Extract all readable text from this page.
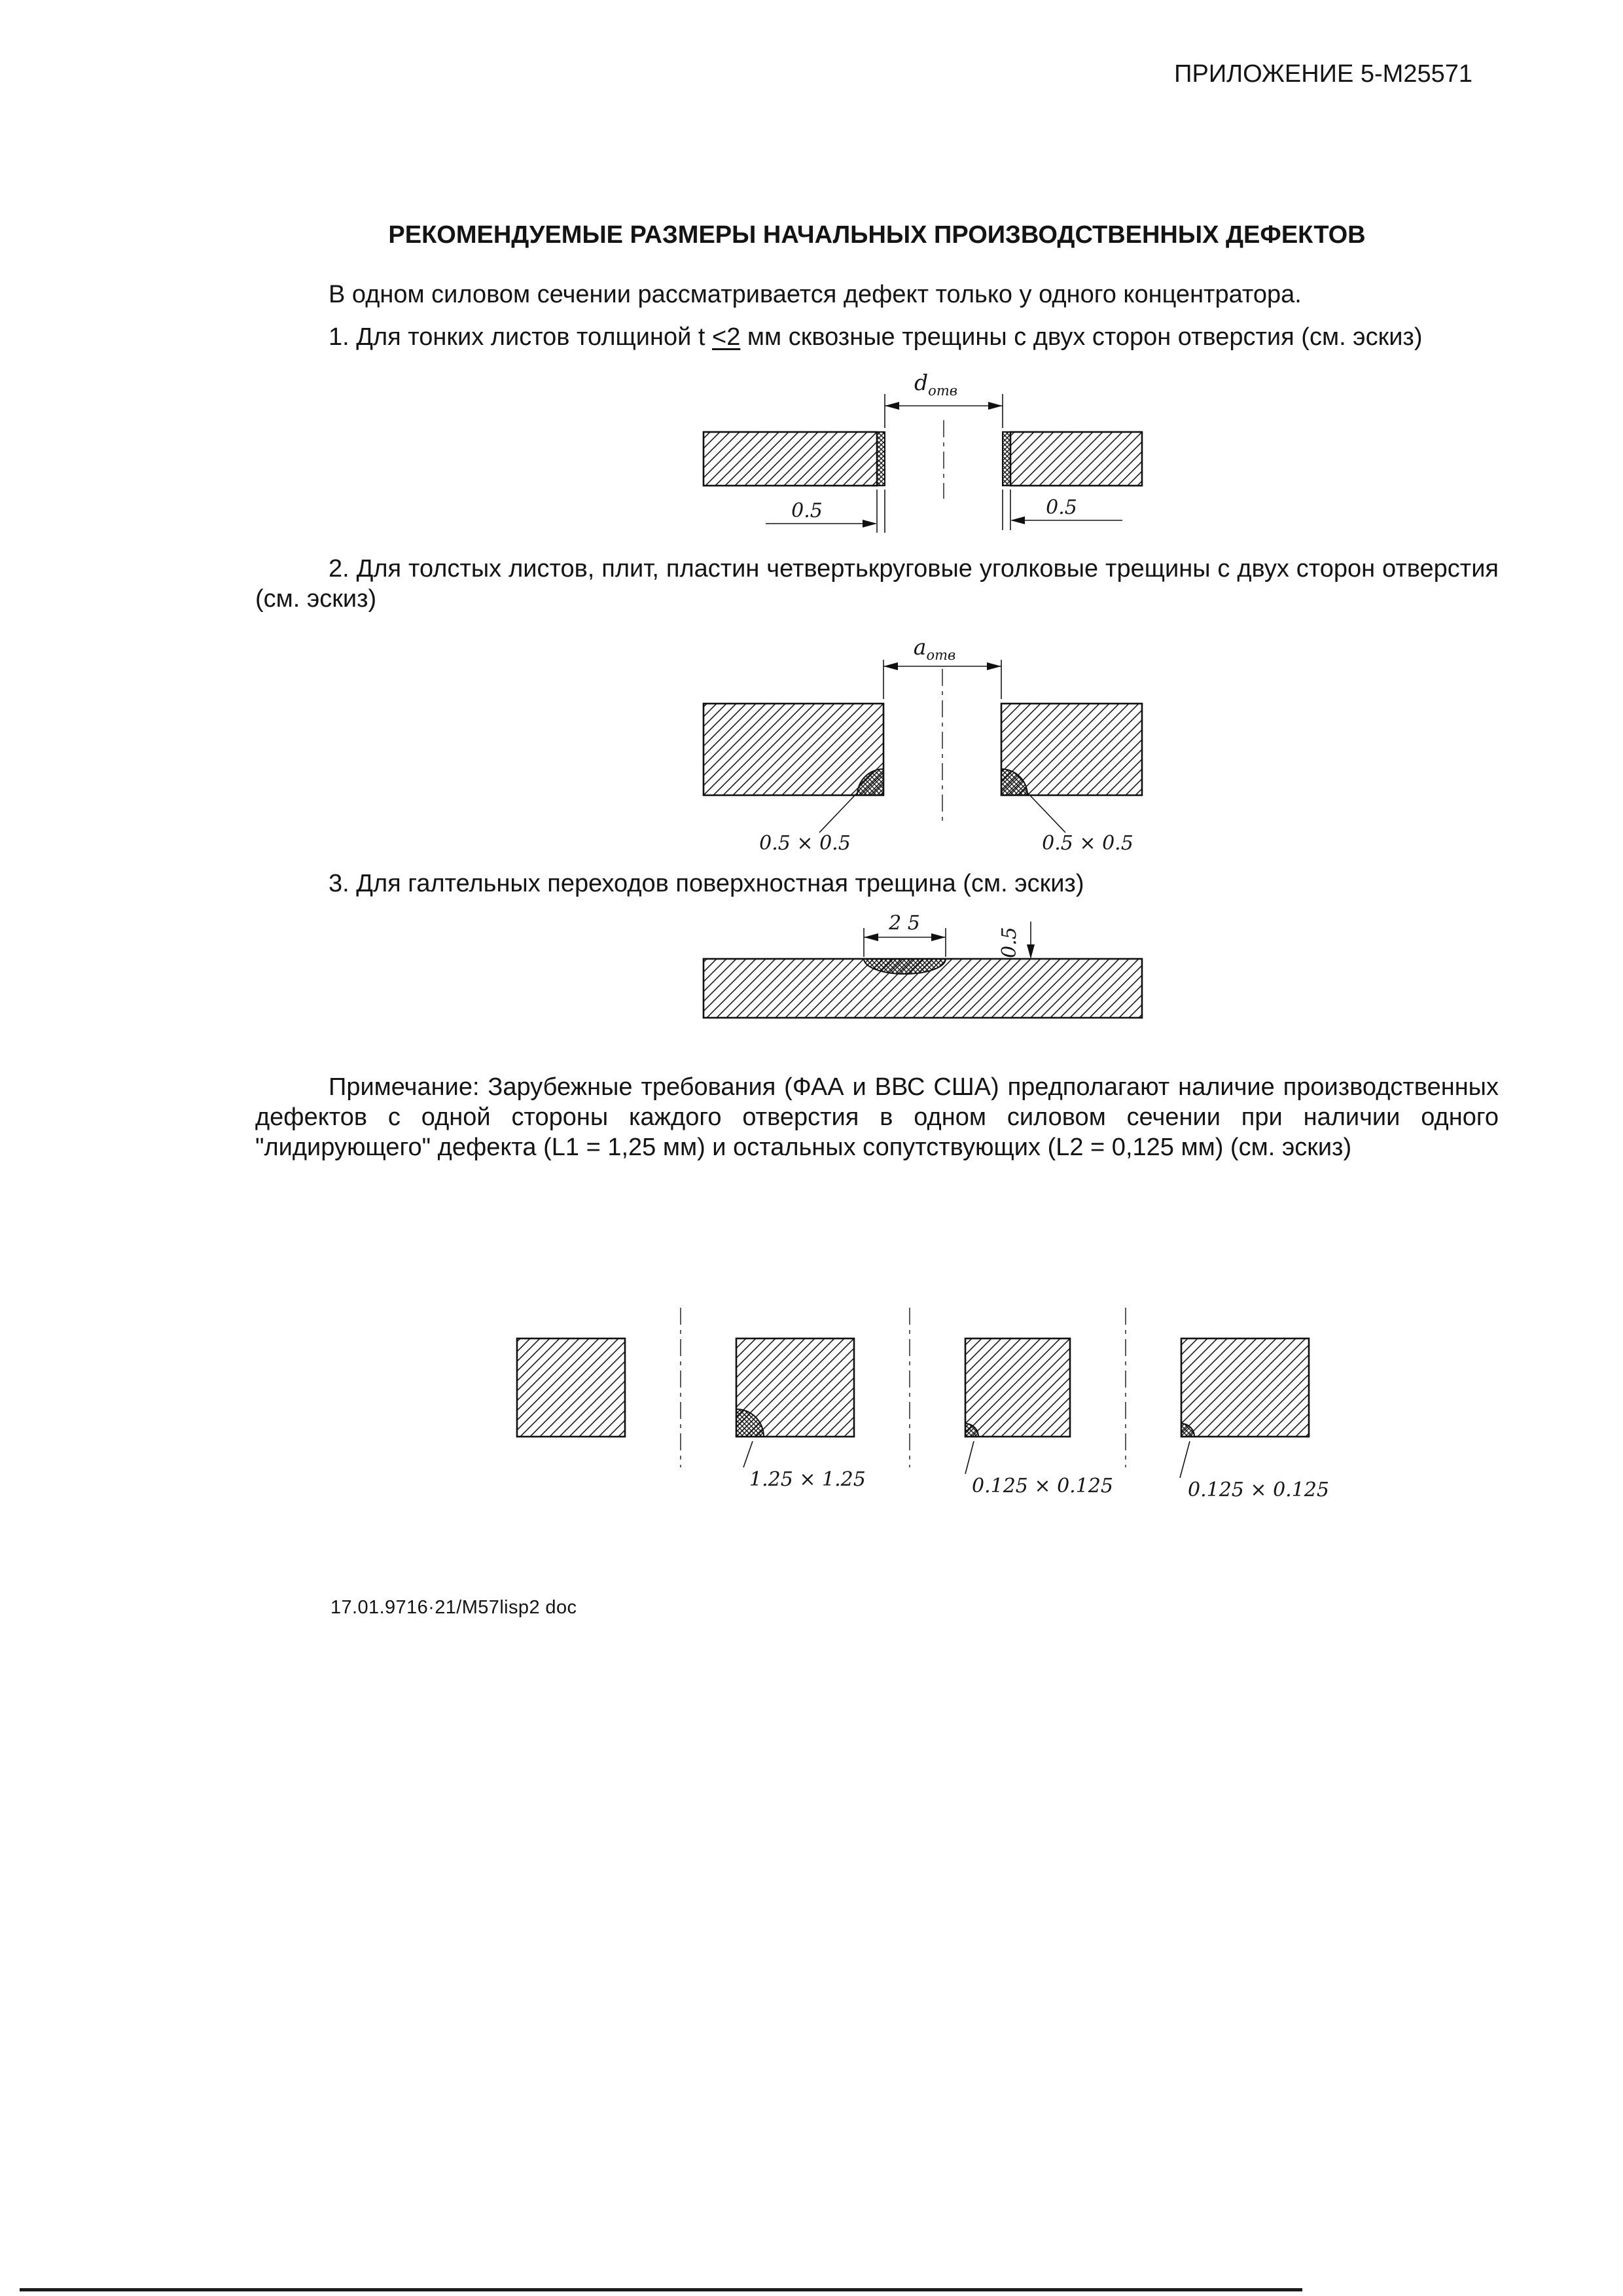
ПРИЛОЖЕНИЕ 5-М25571
РЕКОМЕНДУЕМЫЕ РАЗМЕРЫ НАЧАЛЬНЫХ ПРОИЗВОДСТВЕННЫХ ДЕФЕКТОВ
В одном силовом сечении рассматривается дефект только у одного концентратора.
1. Для тонких листов толщиной t <2 мм сквозные трещины с двух сторон отверстия (см. эскиз)
$d_{отв}$
0.5	0.5
2. Для толстых листов, плит, пластин четвертькруговые уголковые трещины с двух сторон отверстия (см. эскиз)
$a_{отв}$
0.5 × 0.5	0.5 × 0.5
3. Для галтельных переходов поверхностная трещина (см. эскиз)
2 5
0.5
Примечание: Зарубежные требования (ФАА и ВВС США) предполагают наличие производственных дефектов с одной стороны каждого отверстия в одном силовом сечении при наличии одного "лидирующего" дефекта (L1 = 1,25 мм) и остальных сопутствующих (L2 = 0,125 мм) (см. эскиз)
1.25 × 1.25	0.125 × 0.125	0.125 × 0.125
17.01.9716·21/M57lisp2 doc
